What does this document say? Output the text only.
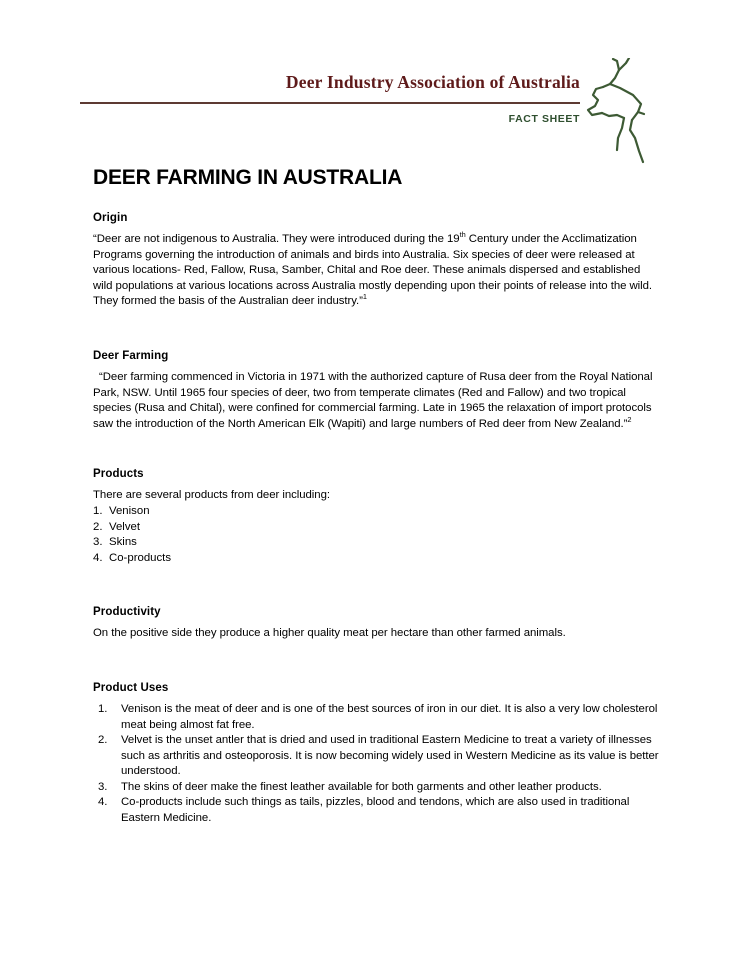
Deer Industry Association of Australia
FACT SHEET
DEER FARMING IN AUSTRALIA
Origin

“Deer are not indigenous to Australia. They were introduced during the 19th Century under the Acclimatization Programs governing the introduction of animals and birds into Australia. Six species of deer were released at various locations- Red, Fallow, Rusa, Samber, Chital and Roe deer. These animals dispersed and established wild populations at various locations across Australia mostly depending upon their points of release into the wild. They formed the basis of the Australian deer industry.”$^1$

Deer Farming

“Deer farming commenced in Victoria in 1971 with the authorized capture of Rusa deer from the Royal National Park, NSW. Until 1965 four species of deer, two from temperate climates (Red and Fallow) and two tropical species (Rusa and Chital), were confined for commercial farming. Late in 1965 the relaxation of import protocols saw the introduction of the North American Elk (Wapiti) and large numbers of Red deer from New Zealand.”$^2$

Products

There are several products from deer including:

1. Venison
2. Velvet
3. Skins
4. Co-products
Productivity

On the positive side they produce a higher quality meat per hectare than other farmed animals.

Product Uses
1. Venison is the meat of deer and is one of the best sources of iron in our diet. It is also a very low cholesterol meat being almost fat free.
2. Velvet is the unset antler that is dried and used in traditional Eastern Medicine to treat a variety of illnesses such as arthritis and osteoporosis. It is now becoming widely used in Western Medicine as its value is better understood.
3. The skins of deer make the finest leather available for both garments and other leather products.
4. Co-products include such things as tails, pizzles, blood and tendons, which are also used in traditional Eastern Medicine.
